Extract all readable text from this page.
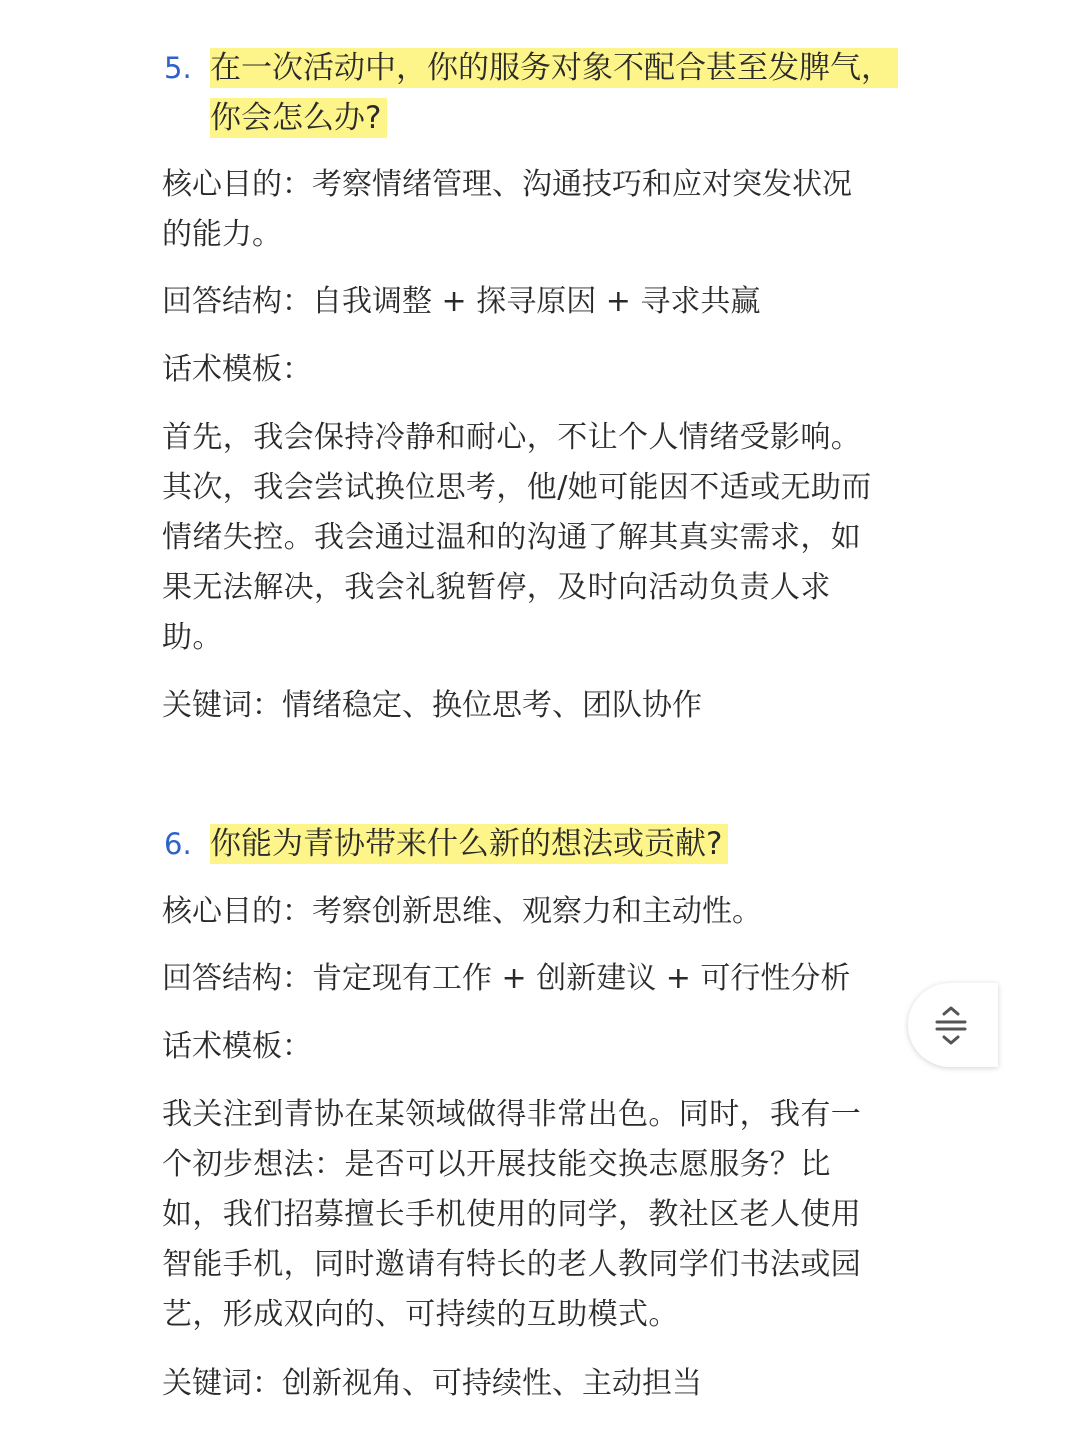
5. 在一次活动中，你的服务对象不配合甚至发脾气，
你会怎么办?
核心目的：考察情绪管理、沟通技巧和应对突发状况
的能力。
回答结构：自我调整 + 探寻原因 + 寻求共赢
话术模板：

首先，我会保持冷静和耐心，不让个人情绪受影响。

其次，我会尝试换位思考，他/她可能因不适或无助而

情绪失控。我会通过温和的沟通了解其真实需求，如

果无法解决，我会礼貌暂停，及时向活动负责人求

助。

关键词：情绪稳定、换位思考、团队协作
6. 你能为青协带来什么新的想法或贡献?
核心目的：考察创新思维、观察力和主动性。
回答结构：肯定现有工作 + 创新建议 + 可行性分析
话术模板：

我关注到青协在某领域做得非常出色。同时，我有一

个初步想法：是否可以开展技能交换志愿服务？比

如，我们招募擅长手机使用的同学，教社区老人使用

智能手机，同时邀请有特长的老人教同学们书法或园

艺，形成双向的、可持续的互助模式。

关键词：创新视角、可持续性、主动担当
